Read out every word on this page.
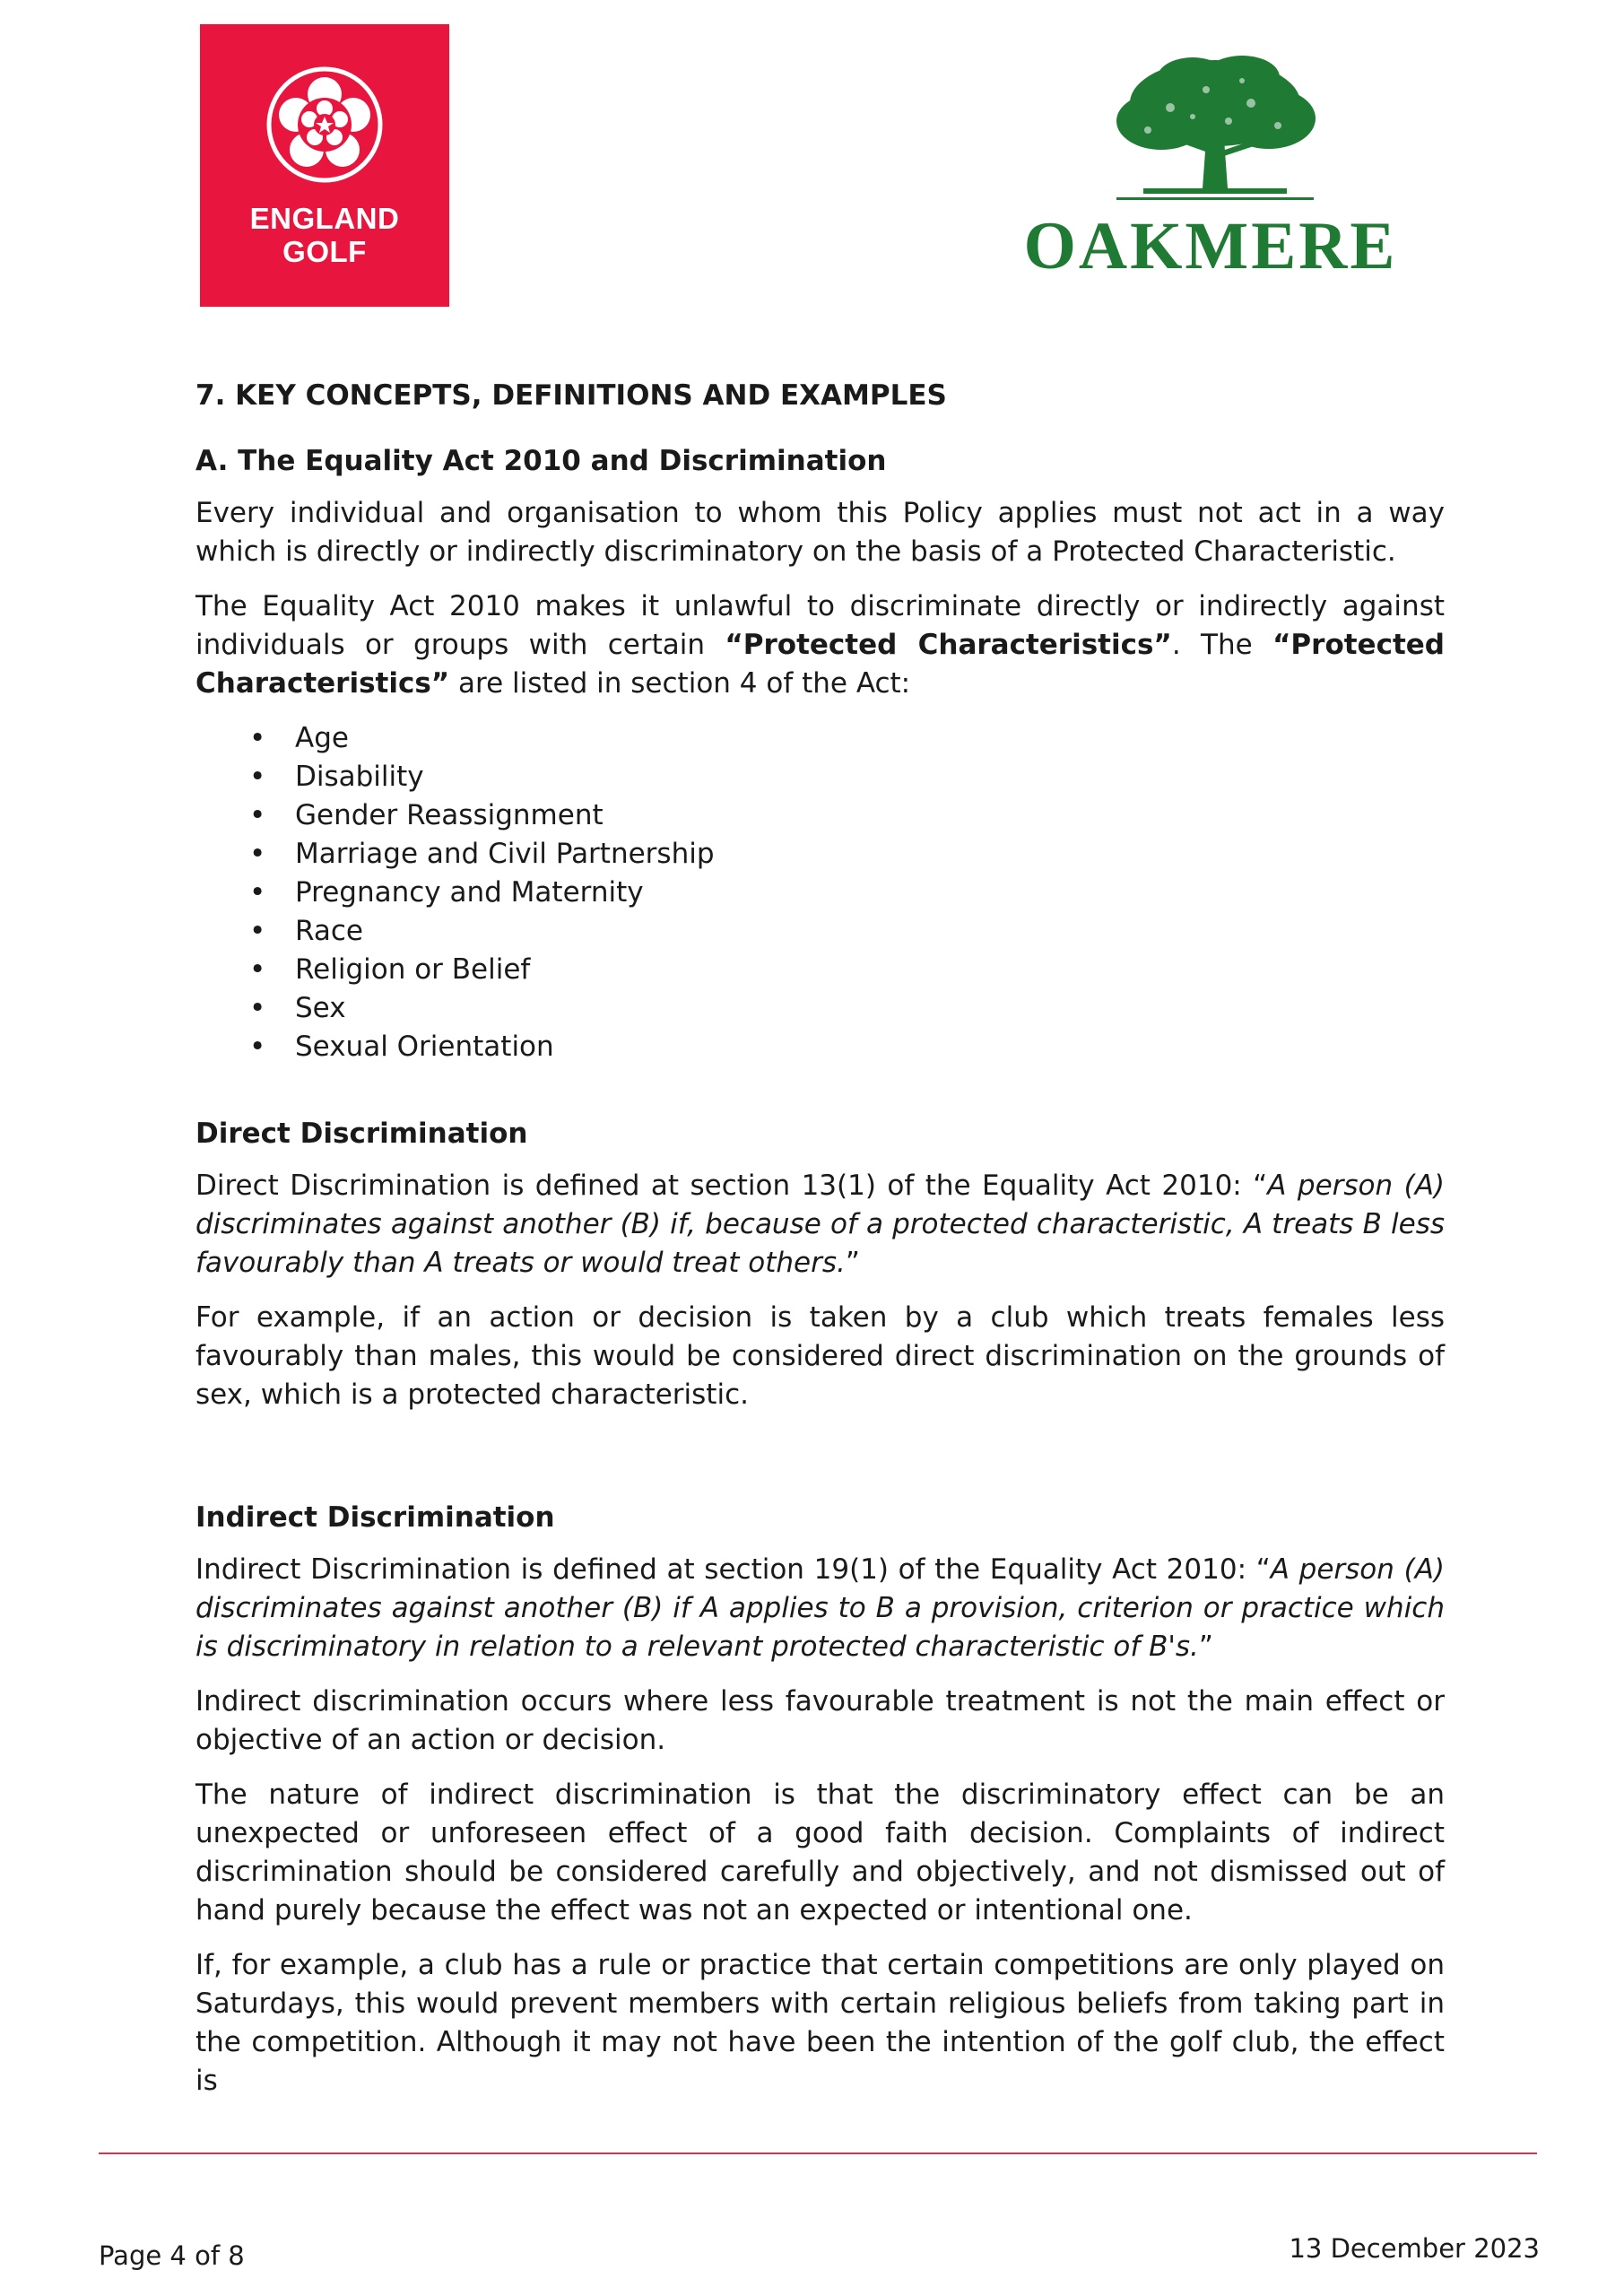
ENGLAND
GOLF	OAKMERE
7. KEY CONCEPTS, DEFINITIONS AND EXAMPLES
A. The Equality Act 2010 and Discrimination

Every individual and organisation to whom this Policy applies must not act in a way which is directly or indirectly discriminatory on the basis of a Protected Characteristic.

The Equality Act 2010 makes it unlawful to discriminate directly or indirectly against individuals or groups with certain “Protected Characteristics”. The “Protected Characteristics” are listed in section 4 of the Act:

• Age
• Disability
• Gender Reassignment
• Marriage and Civil Partnership
• Pregnancy and Maternity
• Race
• Religion or Belief
• Sex
• Sexual Orientation
Direct Discrimination

Direct Discrimination is defined at section 13(1) of the Equality Act 2010: “A person (A) discriminates against another (B) if, because of a protected characteristic, A treats B less favourably than A treats or would treat others.”

For example, if an action or decision is taken by a club which treats females less favourably than males, this would be considered direct discrimination on the grounds of sex, which is a protected characteristic.

Indirect Discrimination

Indirect Discrimination is defined at section 19(1) of the Equality Act 2010: “A person (A) discriminates against another (B) if A applies to B a provision, criterion or practice which is discriminatory in relation to a relevant protected characteristic of B's.”

Indirect discrimination occurs where less favourable treatment is not the main effect or objective of an action or decision.

The nature of indirect discrimination is that the discriminatory effect can be an unexpected or unforeseen effect of a good faith decision. Complaints of indirect discrimination should be considered carefully and objectively, and not dismissed out of hand purely because the effect was not an expected or intentional one.

If, for example, a club has a rule or practice that certain competitions are only played on Saturdays, this would prevent members with certain religious beliefs from taking part in the competition. Although it may not have been the intention of the golf club, the effect is

Page 4 of 8	13 December 2023
